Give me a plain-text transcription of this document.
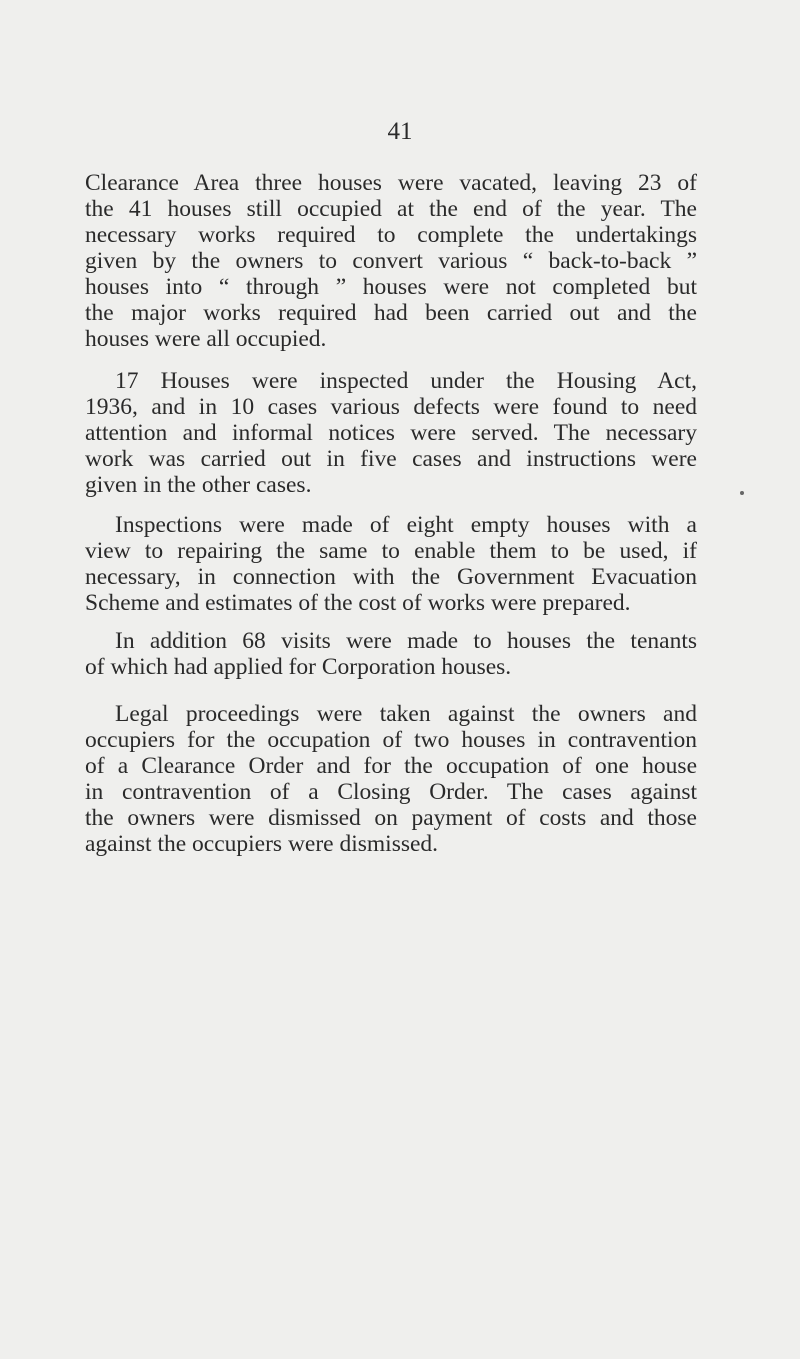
41
Clearance Area three houses were vacated, leaving 23 of
the 41 houses still occupied at the end of the year. The
necessary works required to complete the undertakings
given by the owners to convert various “ back-to-back ”
houses into “ through ” houses were not completed but
the major works required had been carried out and the
houses were all occupied.
17 Houses were inspected under the Housing Act,
1936, and in 10 cases various defects were found to need
attention and informal notices were served. The necessary
work was carried out in five cases and instructions were
given in the other cases.
Inspections were made of eight empty houses with a
view to repairing the same to enable them to be used, if
necessary, in connection with the Government Evacuation
Scheme and estimates of the cost of works were prepared.
In addition 68 visits were made to houses the tenants
of which had applied for Corporation houses.
Legal proceedings were taken against the owners and
occupiers for the occupation of two houses in contravention
of a Clearance Order and for the occupation of one house
in contravention of a Closing Order. The cases against
the owners were dismissed on payment of costs and those
against the occupiers were dismissed.
